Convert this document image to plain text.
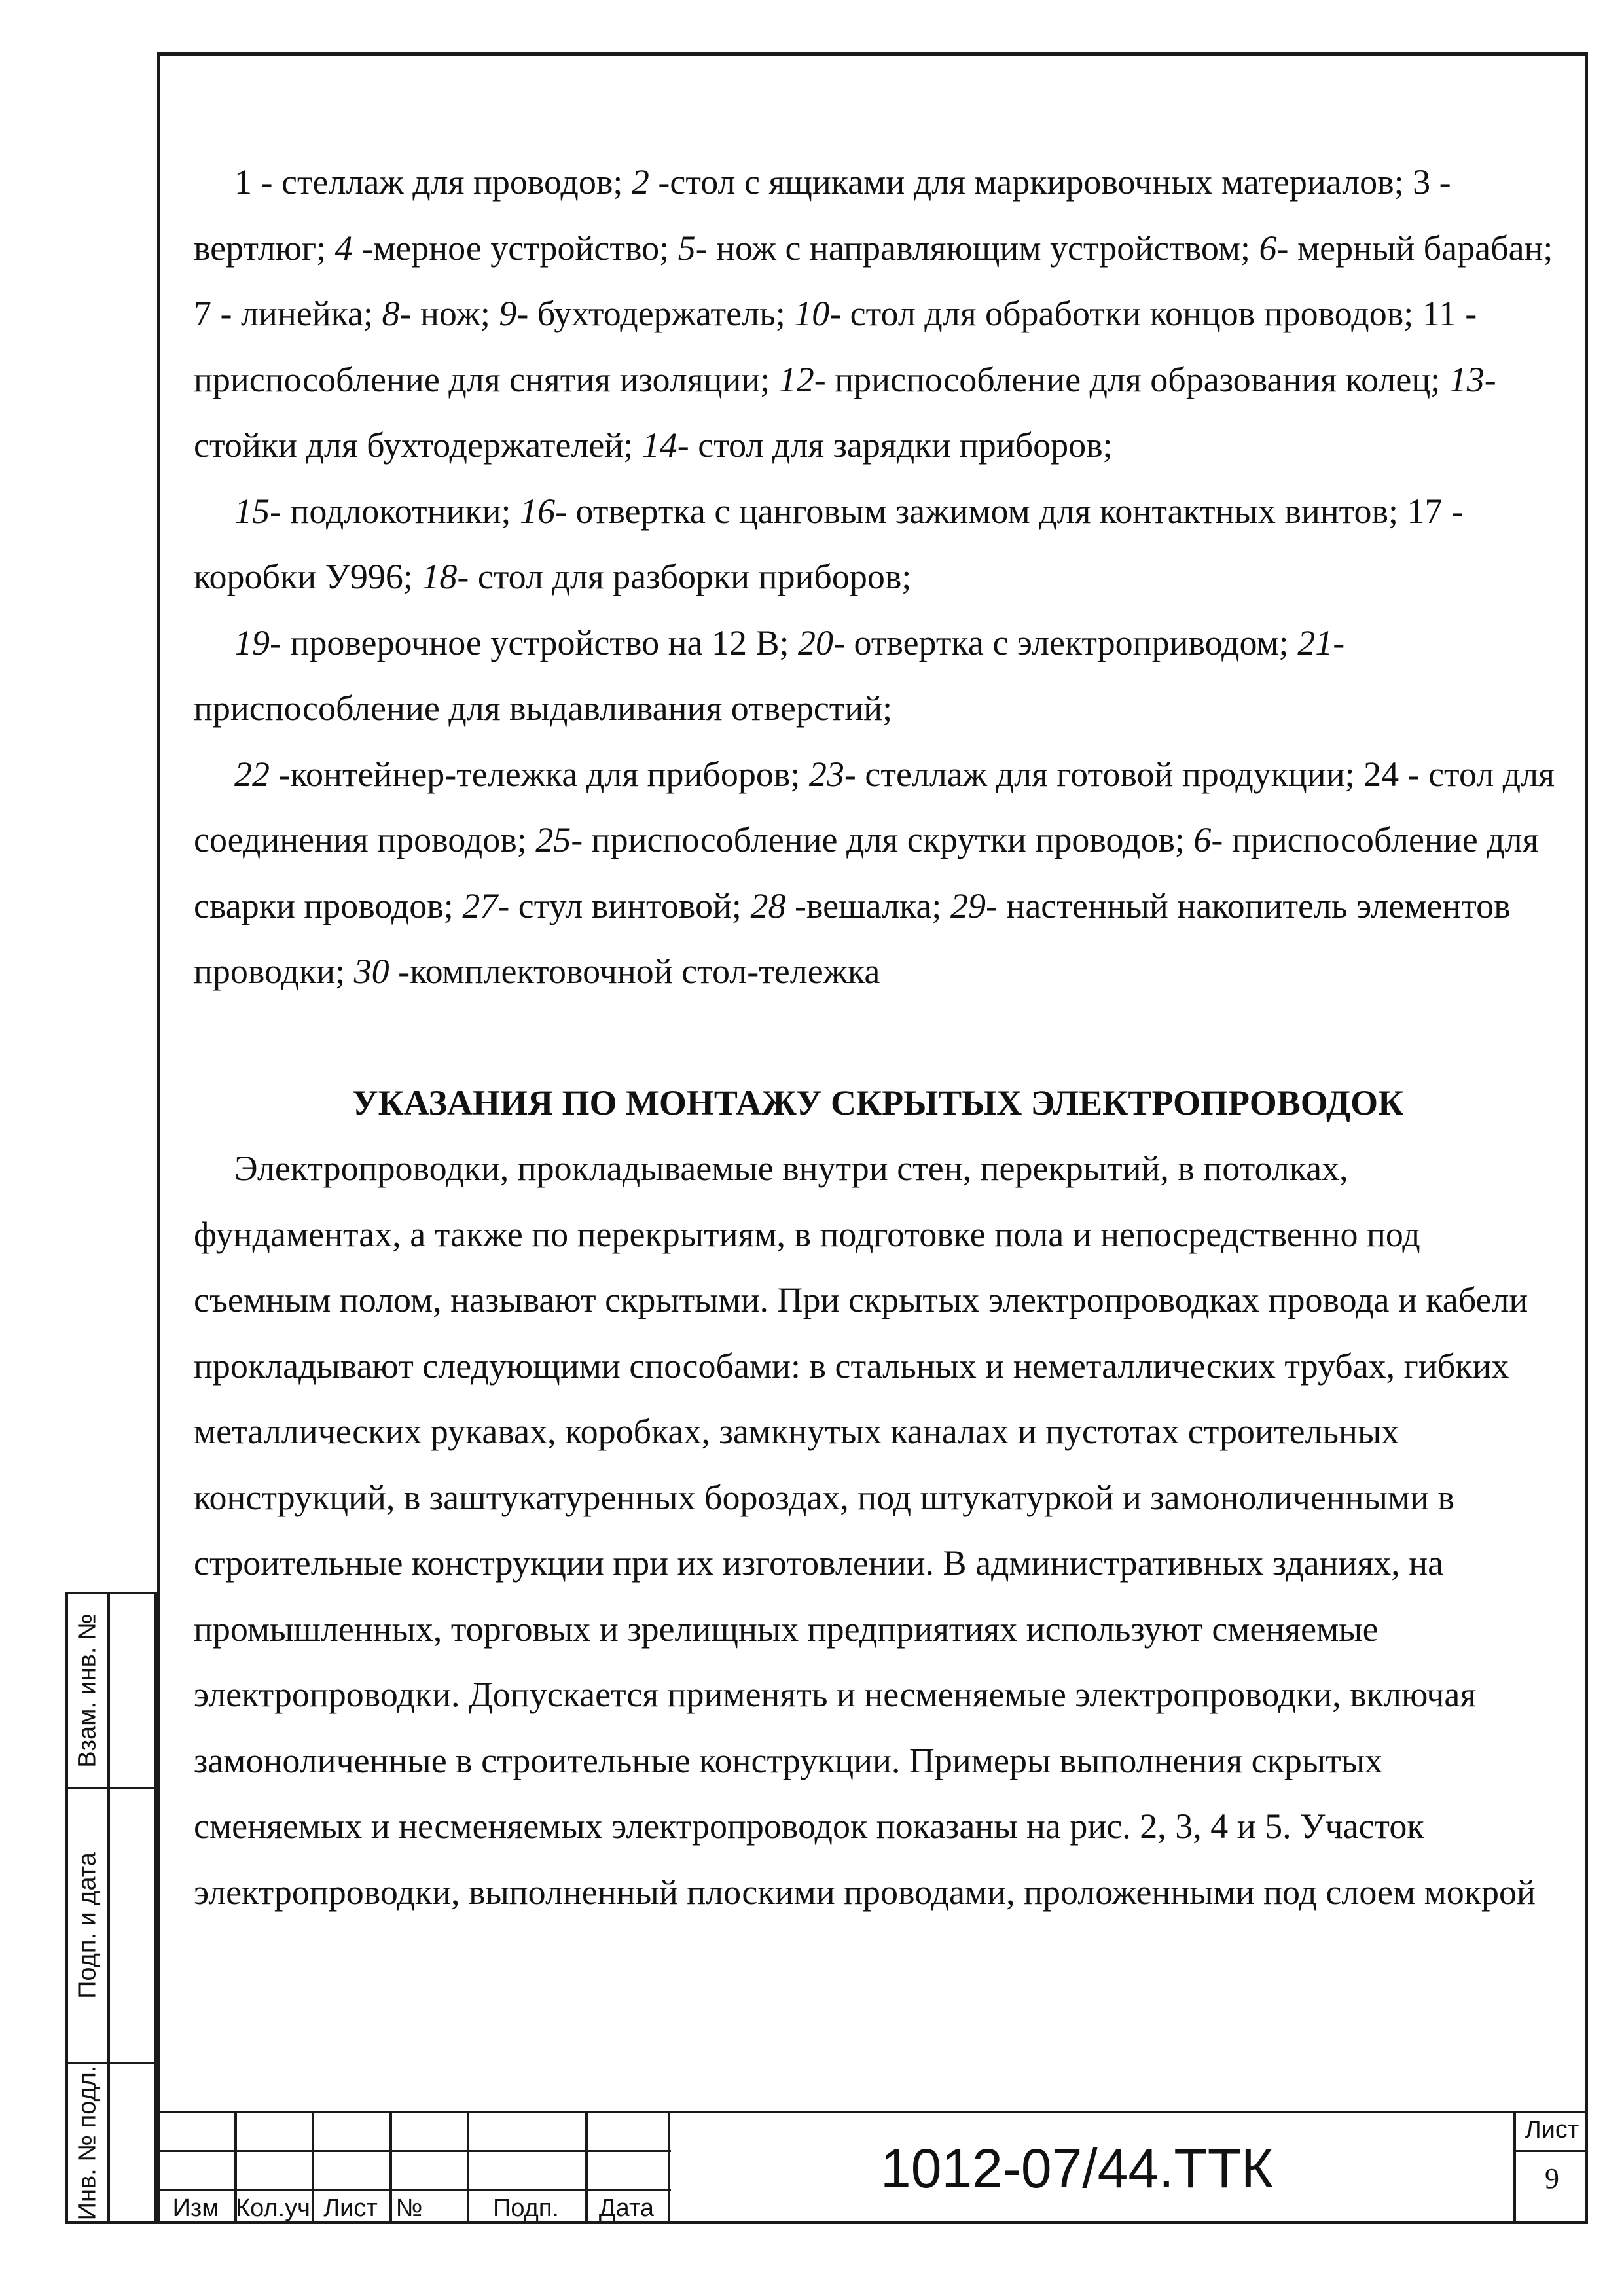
1 - стеллаж для проводов; 2 -стол с ящиками для маркировочных материалов; 3 - вертлюг; 4 -мерное устройство; 5- нож с направляющим устройством; 6- мерный барабан; 7 - линейка; 8- нож; 9- бухтодержатель; 10- стол для обработки концов проводов; 11 - приспособление для снятия изоляции; 12- приспособление для образования колец; 13- стойки для бухтодержателей; 14- стол для зарядки приборов;

15- подлокотники; 16- отвертка с цанговым зажимом для контактных винтов; 17 - коробки У996; 18- стол для разборки приборов;

19- проверочное устройство на 12 В; 20- отвертка с электроприводом; 21- приспособление для выдавливания отверстий;

22 -контейнер-тележка для приборов; 23- стеллаж для готовой продукции; 24 - стол для соединения проводов; 25- приспособление для скрутки проводов; 6- приспособление для сварки проводов; 27- стул винтовой; 28 -вешалка; 29- настенный накопитель элементов проводки; 30 -комплектовочной стол-тележка

УКАЗАНИЯ ПО МОНТАЖУ СКРЫТЫХ ЭЛЕКТРОПРОВОДОК

Электропроводки, прокладываемые внутри стен, перекрытий, в потолках, фундаментах, а также по перекрытиям, в подготовке пола и непосредственно под съемным полом, называют скрытыми. При скрытых электропроводках провода и кабели прокладывают следующими способами: в стальных и неметаллических трубах, гибких металлических рукавах, коробках, замкнутых каналах и пустотах строительных конструкций, в заштукатуренных бороздах, под штукатуркой и замоноличенными в строительные конструкции при их изготовлении. В административных зданиях, на промышленных, торговых и зрелищных предприятиях используют сменяемые электропроводки. Допускается применять и несменяемые электропроводки, включая замоноличенные в строительные конструкции. Примеры выполнения скрытых сменяемых и несменяемых электропроводок показаны на рис. 2, 3, 4 и 5. Участок электропроводки, выполненный плоскими проводами, проложенными под слоем мокрой

Взам. инв. №
Подп. и дата
Инв. № подл.	Изм Кол.уч Лист №	Подп.	Дата
1012-07/44.ТТК
Лист
9
